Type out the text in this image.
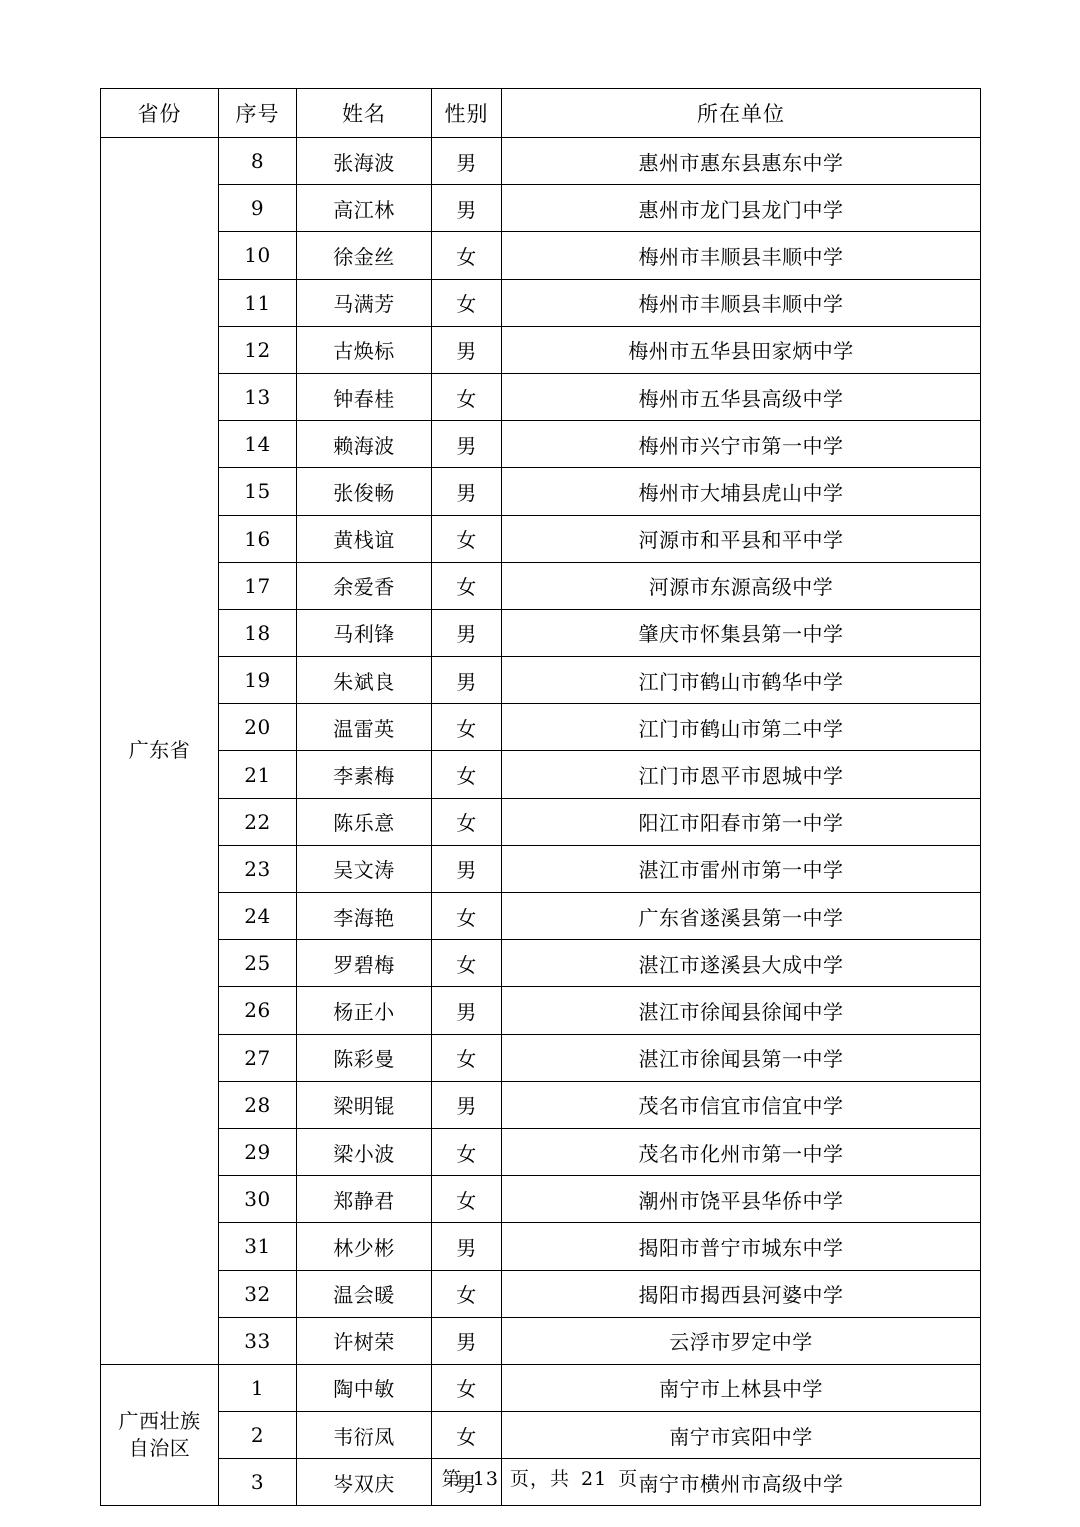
省份	序号	姓名	性别	所在单位
广东省	8	张海波	男	惠州市惠东县惠东中学
	9	高江林	男	惠州市龙门县龙门中学
	10	徐金丝	女	梅州市丰顺县丰顺中学
	11	马满芳	女	梅州市丰顺县丰顺中学
	12	古焕标	男	梅州市五华县田家炳中学
	13	钟春桂	女	梅州市五华县高级中学
	14	赖海波	男	梅州市兴宁市第一中学
	15	张俊畅	男	梅州市大埔县虎山中学
	16	黄栈谊	女	河源市和平县和平中学
	17	余爱香	女	河源市东源高级中学
	18	马利锋	男	肇庆市怀集县第一中学
	19	朱斌良	男	江门市鹤山市鹤华中学
	20	温雷英	女	江门市鹤山市第二中学
	21	李素梅	女	江门市恩平市恩城中学
	22	陈乐意	女	阳江市阳春市第一中学
	23	吴文涛	男	湛江市雷州市第一中学
	24	李海艳	女	广东省遂溪县第一中学
	25	罗碧梅	女	湛江市遂溪县大成中学
	26	杨正小	男	湛江市徐闻县徐闻中学
	27	陈彩曼	女	湛江市徐闻县第一中学
	28	梁明锟	男	茂名市信宜市信宜中学
	29	梁小波	女	茂名市化州市第一中学
	30	郑静君	女	潮州市饶平县华侨中学
	31	林少彬	男	揭阳市普宁市城东中学
	32	温会暖	女	揭阳市揭西县河婆中学
	33	许树荣	男	云浮市罗定中学
广西壮族
自治区	1	陶中敏	女	南宁市上林县中学
	2	韦衍凤	女	南宁市宾阳中学
	3	岑双庆	男	南宁市横州市高级中学
第 13 页，共 21 页
